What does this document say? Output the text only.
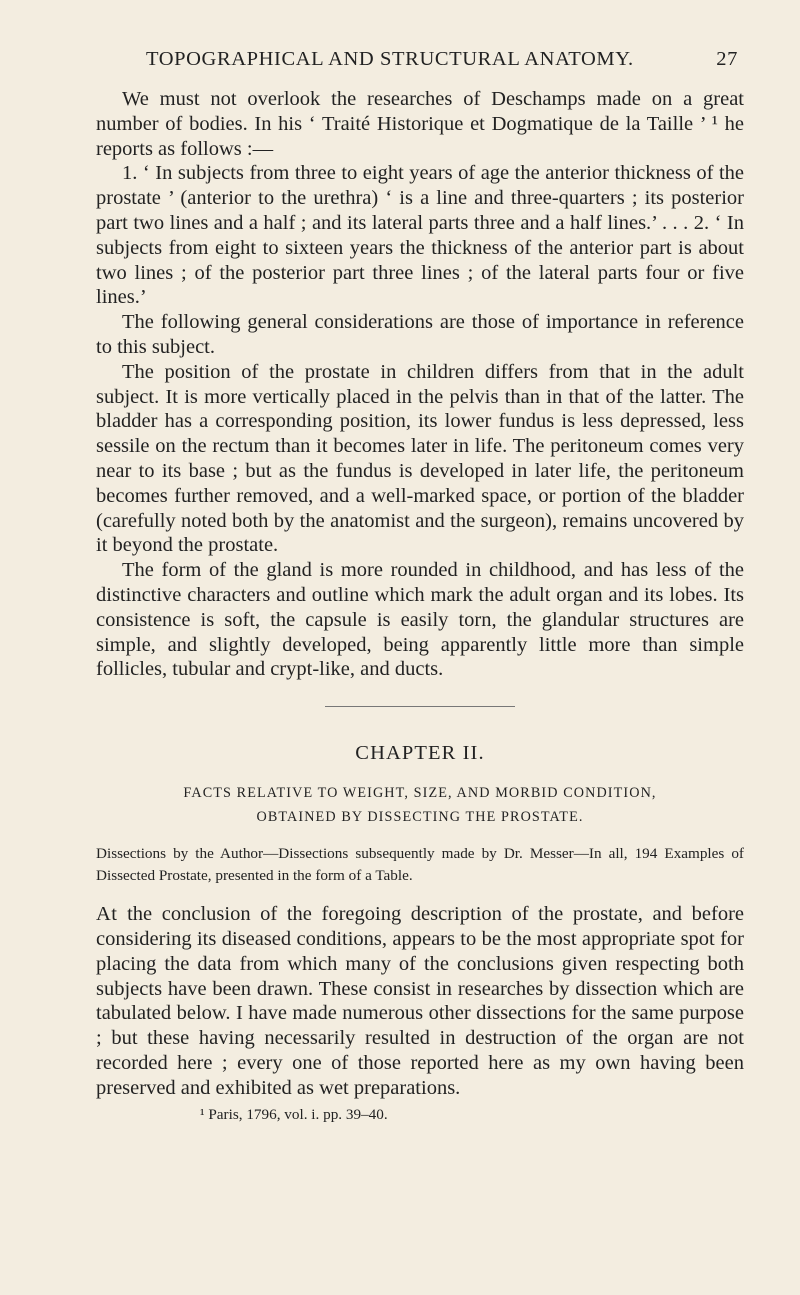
TOPOGRAPHICAL AND STRUCTURAL ANATOMY.	27

We must not overlook the researches of Deschamps made on a great number of bodies. In his ‘ Traité Historique et Dogmatique de la Taille ’ ¹ he reports as follows :—

1. ‘ In subjects from three to eight years of age the anterior thickness of the prostate ’ (anterior to the urethra) ‘ is a line and three-quarters ; its posterior part two lines and a half ; and its lateral parts three and a half lines.’ . . . 2. ‘ In subjects from eight to sixteen years the thickness of the anterior part is about two lines ; of the posterior part three lines ; of the lateral parts four or five lines.’

The following general considerations are those of importance in reference to this subject.

The position of the prostate in children differs from that in the adult subject. It is more vertically placed in the pelvis than in that of the latter. The bladder has a corresponding position, its lower fundus is less depressed, less sessile on the rectum than it becomes later in life. The peritoneum comes very near to its base ; but as the fundus is developed in later life, the peritoneum becomes further removed, and a well-marked space, or portion of the bladder (carefully noted both by the anatomist and the surgeon), remains uncovered by it beyond the prostate.

The form of the gland is more rounded in childhood, and has less of the distinctive characters and outline which mark the adult organ and its lobes. Its consistence is soft, the capsule is easily torn, the glandular structures are simple, and slightly developed, being apparently little more than simple follicles, tubular and crypt-like, and ducts.

CHAPTER II.
FACTS RELATIVE TO WEIGHT, SIZE, AND MORBID CONDITION,
OBTAINED BY DISSECTING THE PROSTATE.
Dissections by the Author—Dissections subsequently made by Dr. Messer—In all, 194 Examples of Dissected Prostate, presented in the form of a Table.

At the conclusion of the foregoing description of the prostate, and before considering its diseased conditions, appears to be the most appropriate spot for placing the data from which many of the conclusions given respecting both subjects have been drawn. These consist in researches by dissection which are tabulated below. I have made numerous other dissections for the same purpose ; but these having necessarily resulted in destruction of the organ are not recorded here ; every one of those reported here as my own having been preserved and exhibited as wet preparations.

¹ Paris, 1796, vol. i. pp. 39–40.
